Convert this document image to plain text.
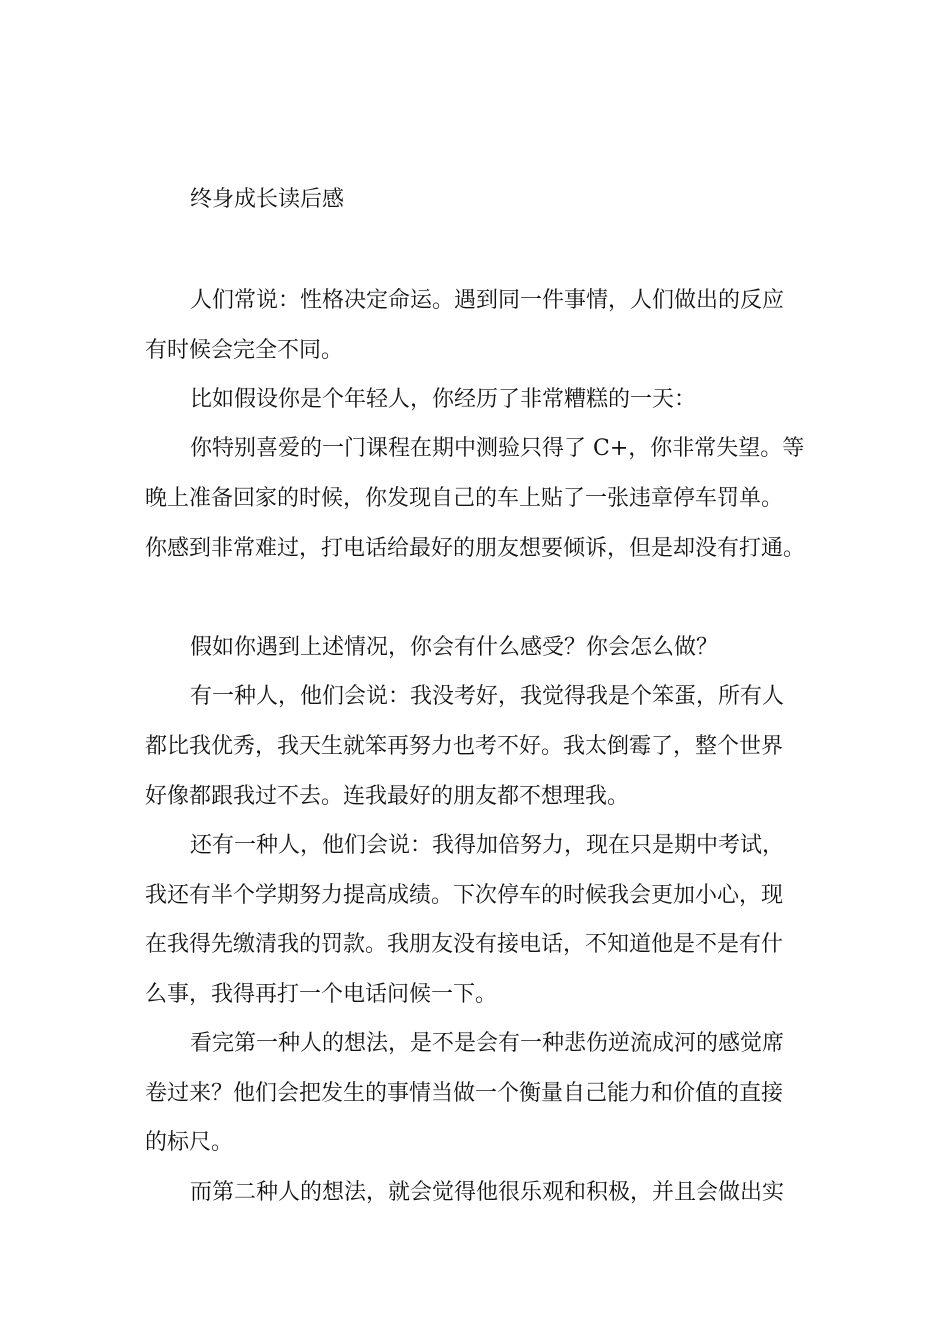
终身成长读后感
人们常说：性格决定命运。遇到同一件事情，人们做出的反应
有时候会完全不同。
比如假设你是个年轻人，你经历了非常糟糕的一天：
你特别喜爱的一门课程在期中测验只得了 C+，你非常失望。等
晚上准备回家的时候，你发现自己的车上贴了一张违章停车罚单。
你感到非常难过，打电话给最好的朋友想要倾诉，但是却没有打通。
假如你遇到上述情况，你会有什么感受？你会怎么做？
有一种人，他们会说：我没考好，我觉得我是个笨蛋，所有人
都比我优秀，我天生就笨再努力也考不好。我太倒霉了，整个世界
好像都跟我过不去。连我最好的朋友都不想理我。
还有一种人，他们会说：我得加倍努力，现在只是期中考试，
我还有半个学期努力提高成绩。下次停车的时候我会更加小心，现
在我得先缴清我的罚款。我朋友没有接电话，不知道他是不是有什
么事，我得再打一个电话问候一下。
看完第一种人的想法，是不是会有一种悲伤逆流成河的感觉席
卷过来？他们会把发生的事情当做一个衡量自己能力和价值的直接
的标尺。
而第二种人的想法，就会觉得他很乐观和积极，并且会做出实
